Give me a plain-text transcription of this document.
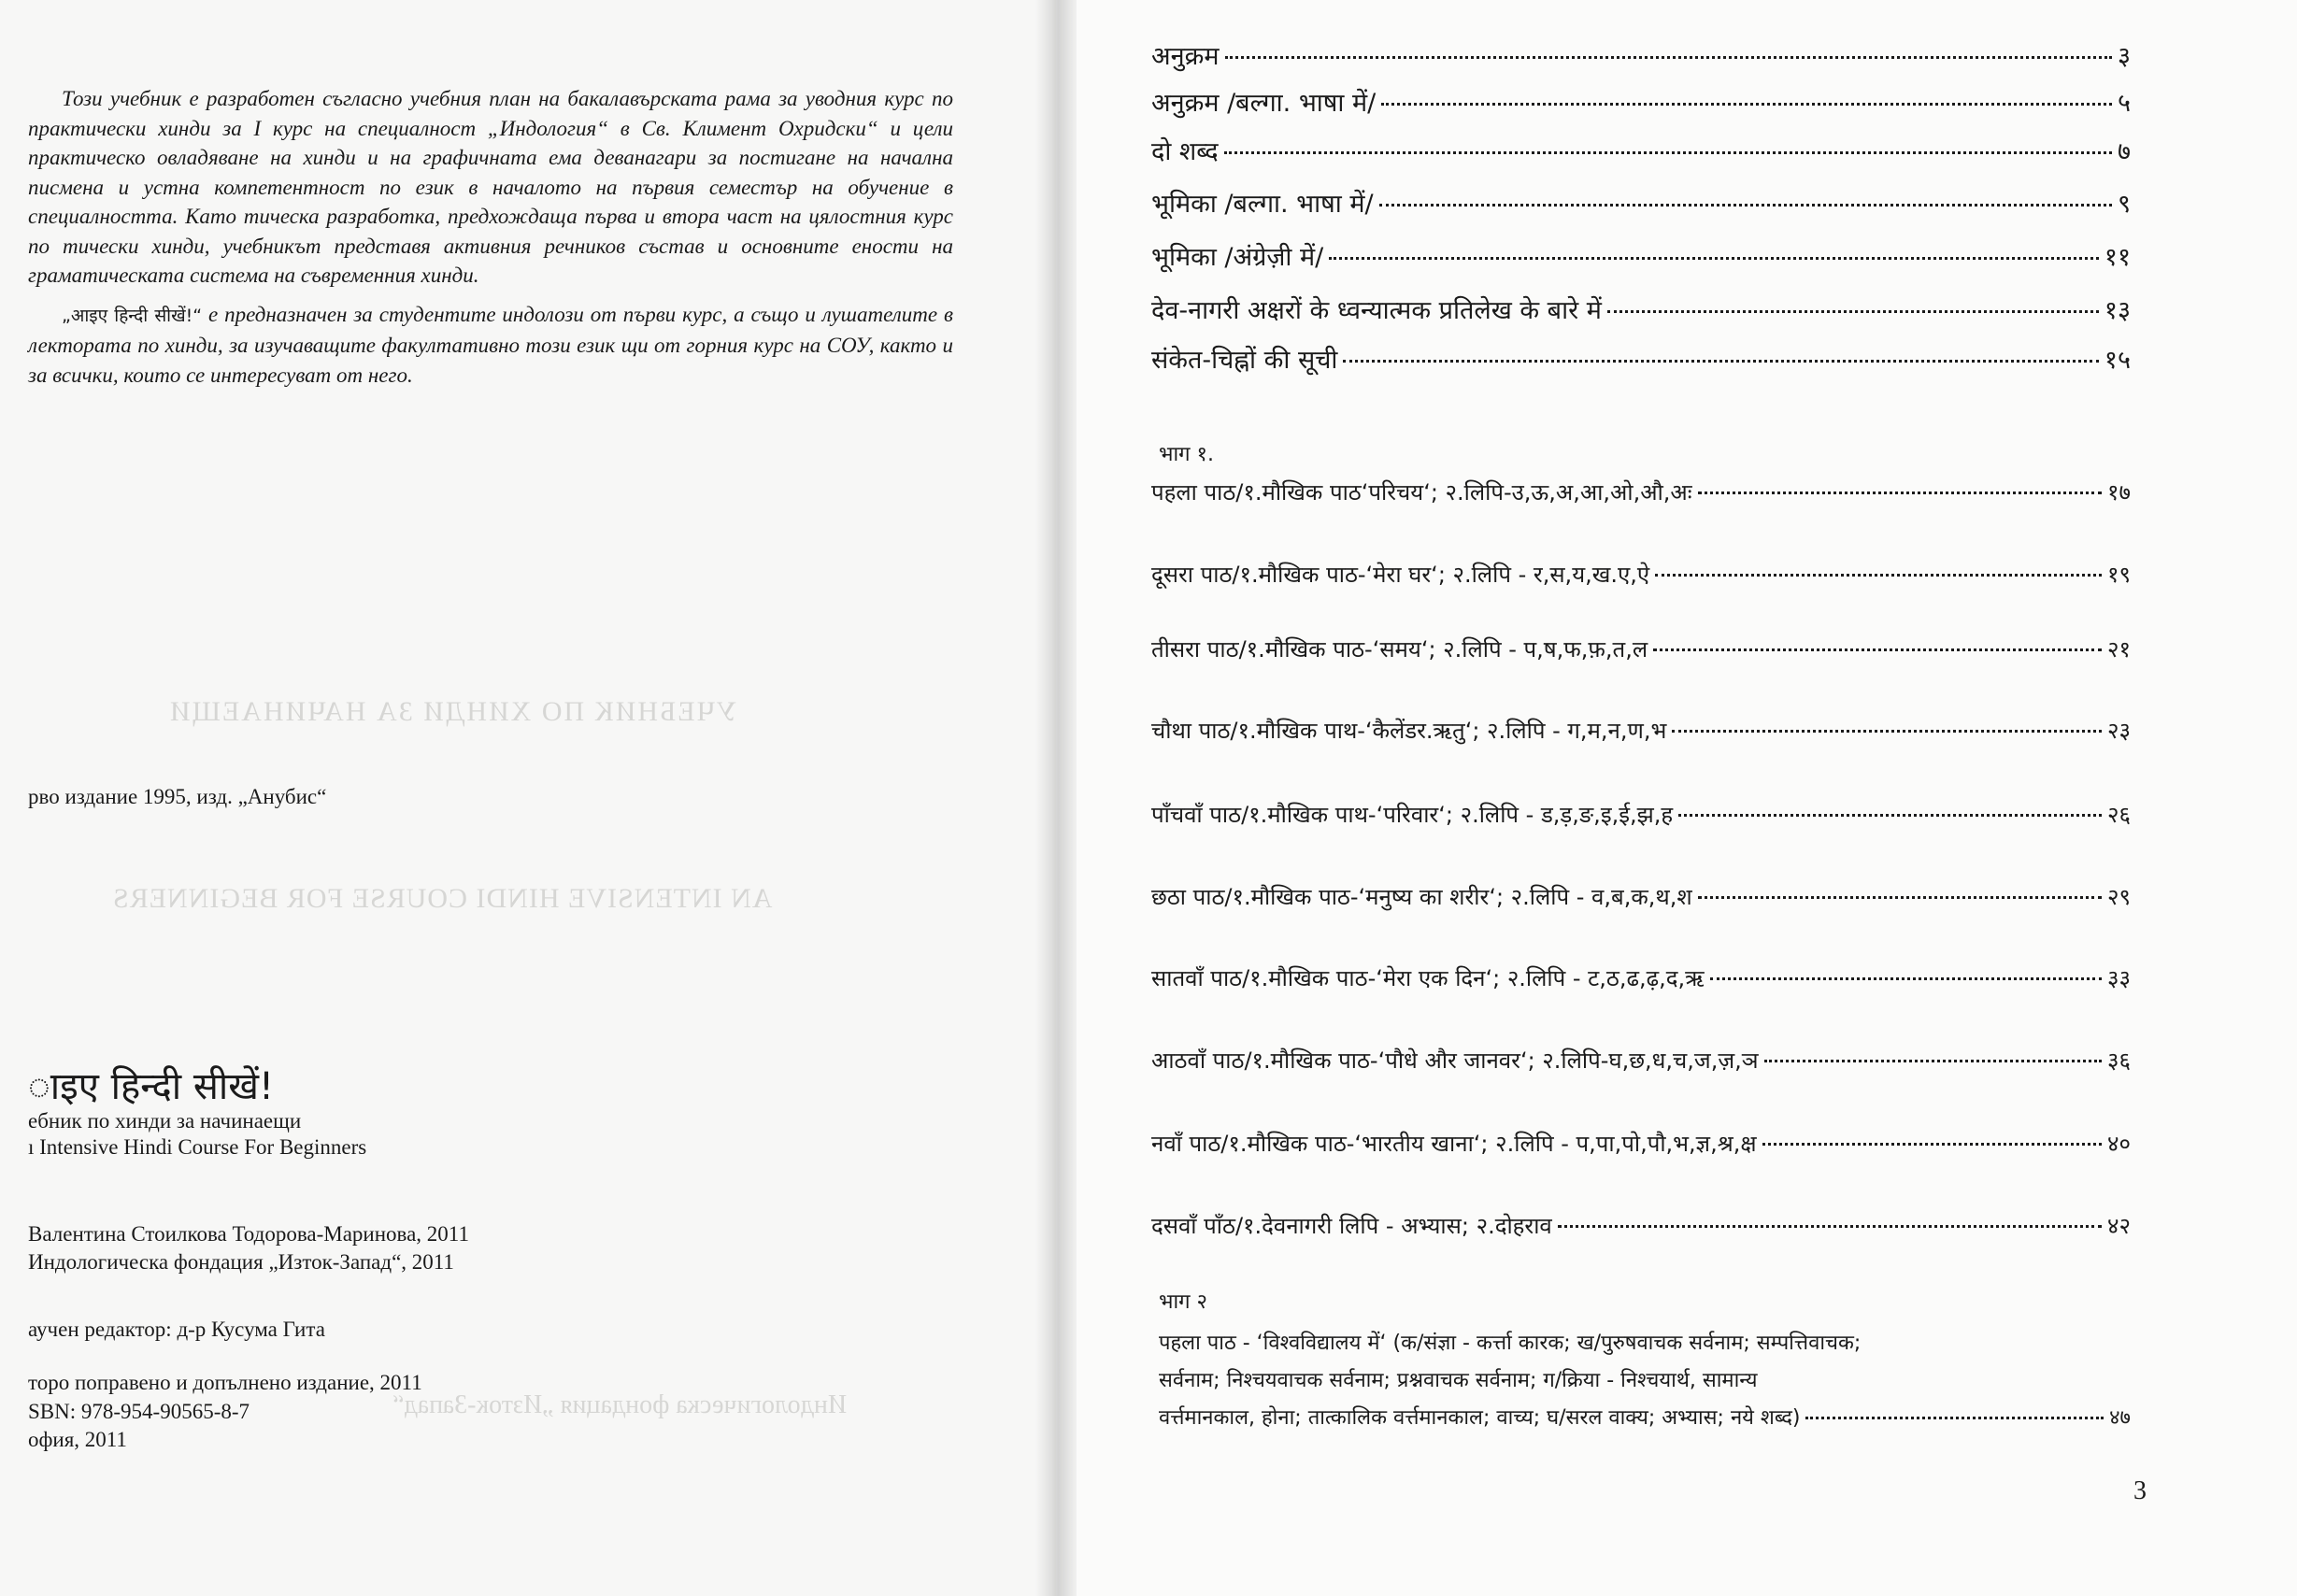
УЧЕБНИК ПО ХИНДИ ЗА НАЧИНАЕЩИ
AN INTENSIVE HINDI COURSE FOR BEGINNERS
Индологическа фондация „Изток-Запад“

Този учебник е разработен съгласно учебния план на бакалавърската рама за уводния курс по практически хинди за I курс на специалност „Индология“ в Св. Климент Охридски“ и цели практическо овладяване на хинди и на графичната ема деванагари за постигане на начална писмена и устна компетентност по език в началото на първия семестър на обучение в специалността. Като тическа разработка, предхождаща първа и втора част на цялостния курс по тически хинди, учебникът представя активния речников състав и основните ености на граматическата система на съвременния хинди.

„आइए हिन्दी सीखें!“ е предназначен за студентите индолози от първи курс, а също и лушателите в лектората по хинди, за изучаващите факултативно този език щи от горния курс на СОУ, както и за всички, които се интересуват от него.

рво издание 1995, изд. „Анубис“
ाइए हिन्दी सीखें!
ебник по хинди за начинаещи
ı Intensive Hindi Course For Beginners
Валентина Стоилкова Тодорова-Маринова, 2011
Индологическа фондация „Изток-Запад“, 2011
аучен редактор: д-р Кусума Гита
торо поправено и допълнено издание, 2011
SBN: 978-954-90565-8-7
офия, 2011
अनुक्रम	३
अनुक्रम /बल्गा. भाषा में/	५
दो शब्द	७
भूमिका /बल्गा. भाषा में/	९
भूमिका /अंग्रेज़ी में/	११
देव-नागरी अक्षरों के ध्वन्यात्मक प्रतिलेख के बारे में	१३
संकेत-चिह्नों की सूची	१५
भाग १.
पहला पाठ/१.मौखिक पाठ‘परिचय‘; २.लिपि-उ,ऊ,अ,आ,ओ,औ,अः	१७
दूसरा पाठ/१.मौखिक पाठ-‘मेरा घर‘; २.लिपि - र,स,य,ख.ए,ऐ	१९
तीसरा पाठ/१.मौखिक पाठ-‘समय‘; २.लिपि - प,ष,फ,फ़,त,ल	२१
चौथा पाठ/१.मौखिक पाथ-‘कैलेंडर.ऋतु‘; २.लिपि - ग,म,न,ण,भ	२३
पाँचवाँ पाठ/१.मौखिक पाथ-‘परिवार‘; २.लिपि - ड,ड़,ङ,इ,ई,झ,ह	२६
छठा पाठ/१.मौखिक पाठ-‘मनुष्य का शरीर‘; २.लिपि - व,ब,क,थ,श	२९
सातवाँ पाठ/१.मौखिक पाठ-‘मेरा एक दिन‘; २.लिपि - ट,ठ,ढ,ढ़,द,ऋ	३३
आठवाँ पाठ/१.मौखिक पाठ-‘पौधे और जानवर‘; २.लिपि-घ,छ,ध,च,ज,ज़,ञ	३६
नवाँ पाठ/१.मौखिक पाठ-‘भारतीय खाना‘; २.लिपि - प,पा,पो,पौ,भ,ज्ञ,श्र,क्ष	४०
दसवाँ पाँठ/१.देवनागरी लिपि - अभ्यास; २.दोहराव	४२
भाग २
पहला पाठ - ‘विश्वविद्यालय में‘ (क/संज्ञा - कर्त्ता कारक; ख/पुरुषवाचक सर्वनाम; सम्पत्तिवाचक;
सर्वनाम; निश्चयवाचक सर्वनाम; प्रश्नवाचक सर्वनाम; ग/क्रिया - निश्चयार्थ, सामान्य
वर्त्तमानकाल, होना; तात्कालिक वर्त्तमानकाल; वाच्य; घ/सरल वाक्य; अभ्यास; नये शब्द)	४७
3
